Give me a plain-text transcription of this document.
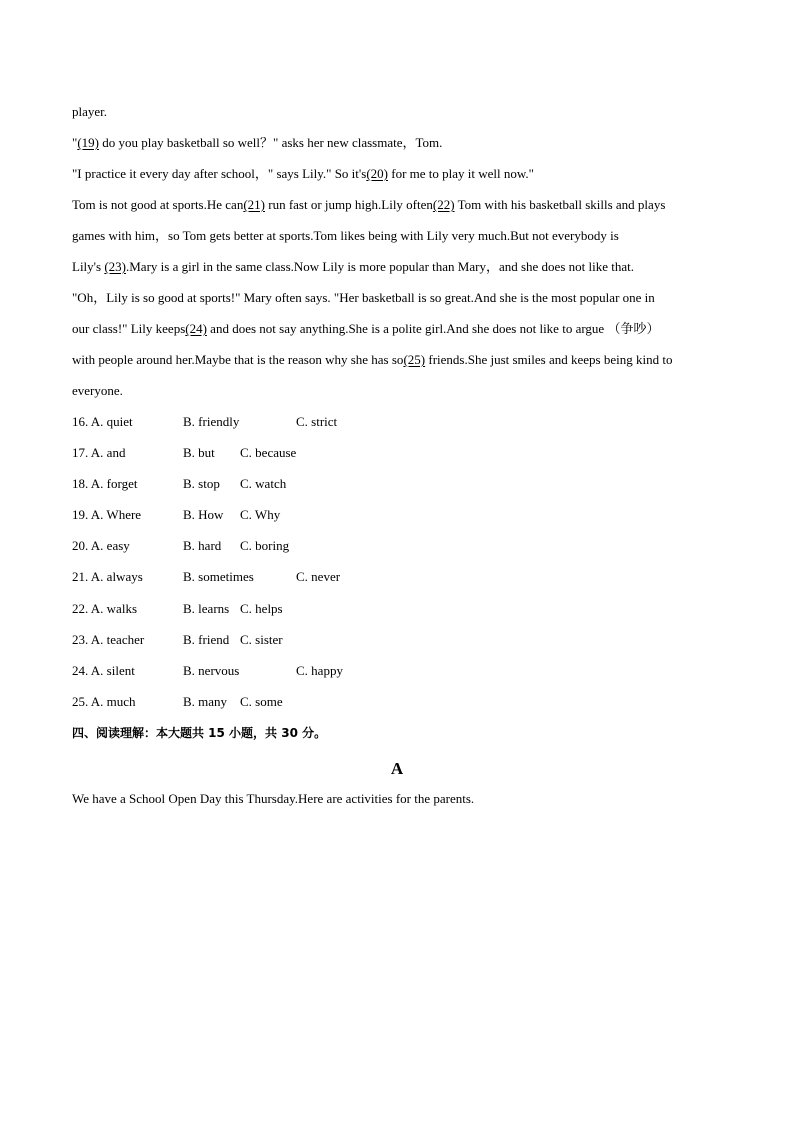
player.
"(19) do you play basketball so well？" asks her new classmate，Tom.
"I practice it every day after school，" says Lily." So it's(20) for me to play it well now."
Tom is not good at sports.He can(21) run fast or jump high.Lily often(22) Tom with his basketball skills and plays
games with him，so Tom gets better at sports.Tom likes being with Lily very much.But not everybody is
Lily's (23).Mary is a girl in the same class.Now Lily is more popular than Mary，and she does not like that.
"Oh，Lily is so good at sports!" Mary often says. "Her basketball is so great.And she is the most popular one in
our class!" Lily keeps(24) and does not say anything.She is a polite girl.And she does not like to argue （争吵）
with people around her.Maybe that is the reason why she has so(25) friends.She just smiles and keeps being kind to
everyone.
16. A. quiet	B. friendly	C. strict
17. A. and	B. but C. because
18. A. forget	B. stop C. watch
19. A. Where	B. How C. Why
20. A. easy	B. hard C. boring
21. A. always	B. sometimes	C. never
22. A. walks	B. learns C. helps
23. A. teacher	B. friend C. sister
24. A. silent	B. nervous	C. happy
25. A. much	B. many C. some
四、阅读理解：本大题共 15 小题，共 30 分。
A
We have a School Open Day this Thursday.Here are activities for the parents.
